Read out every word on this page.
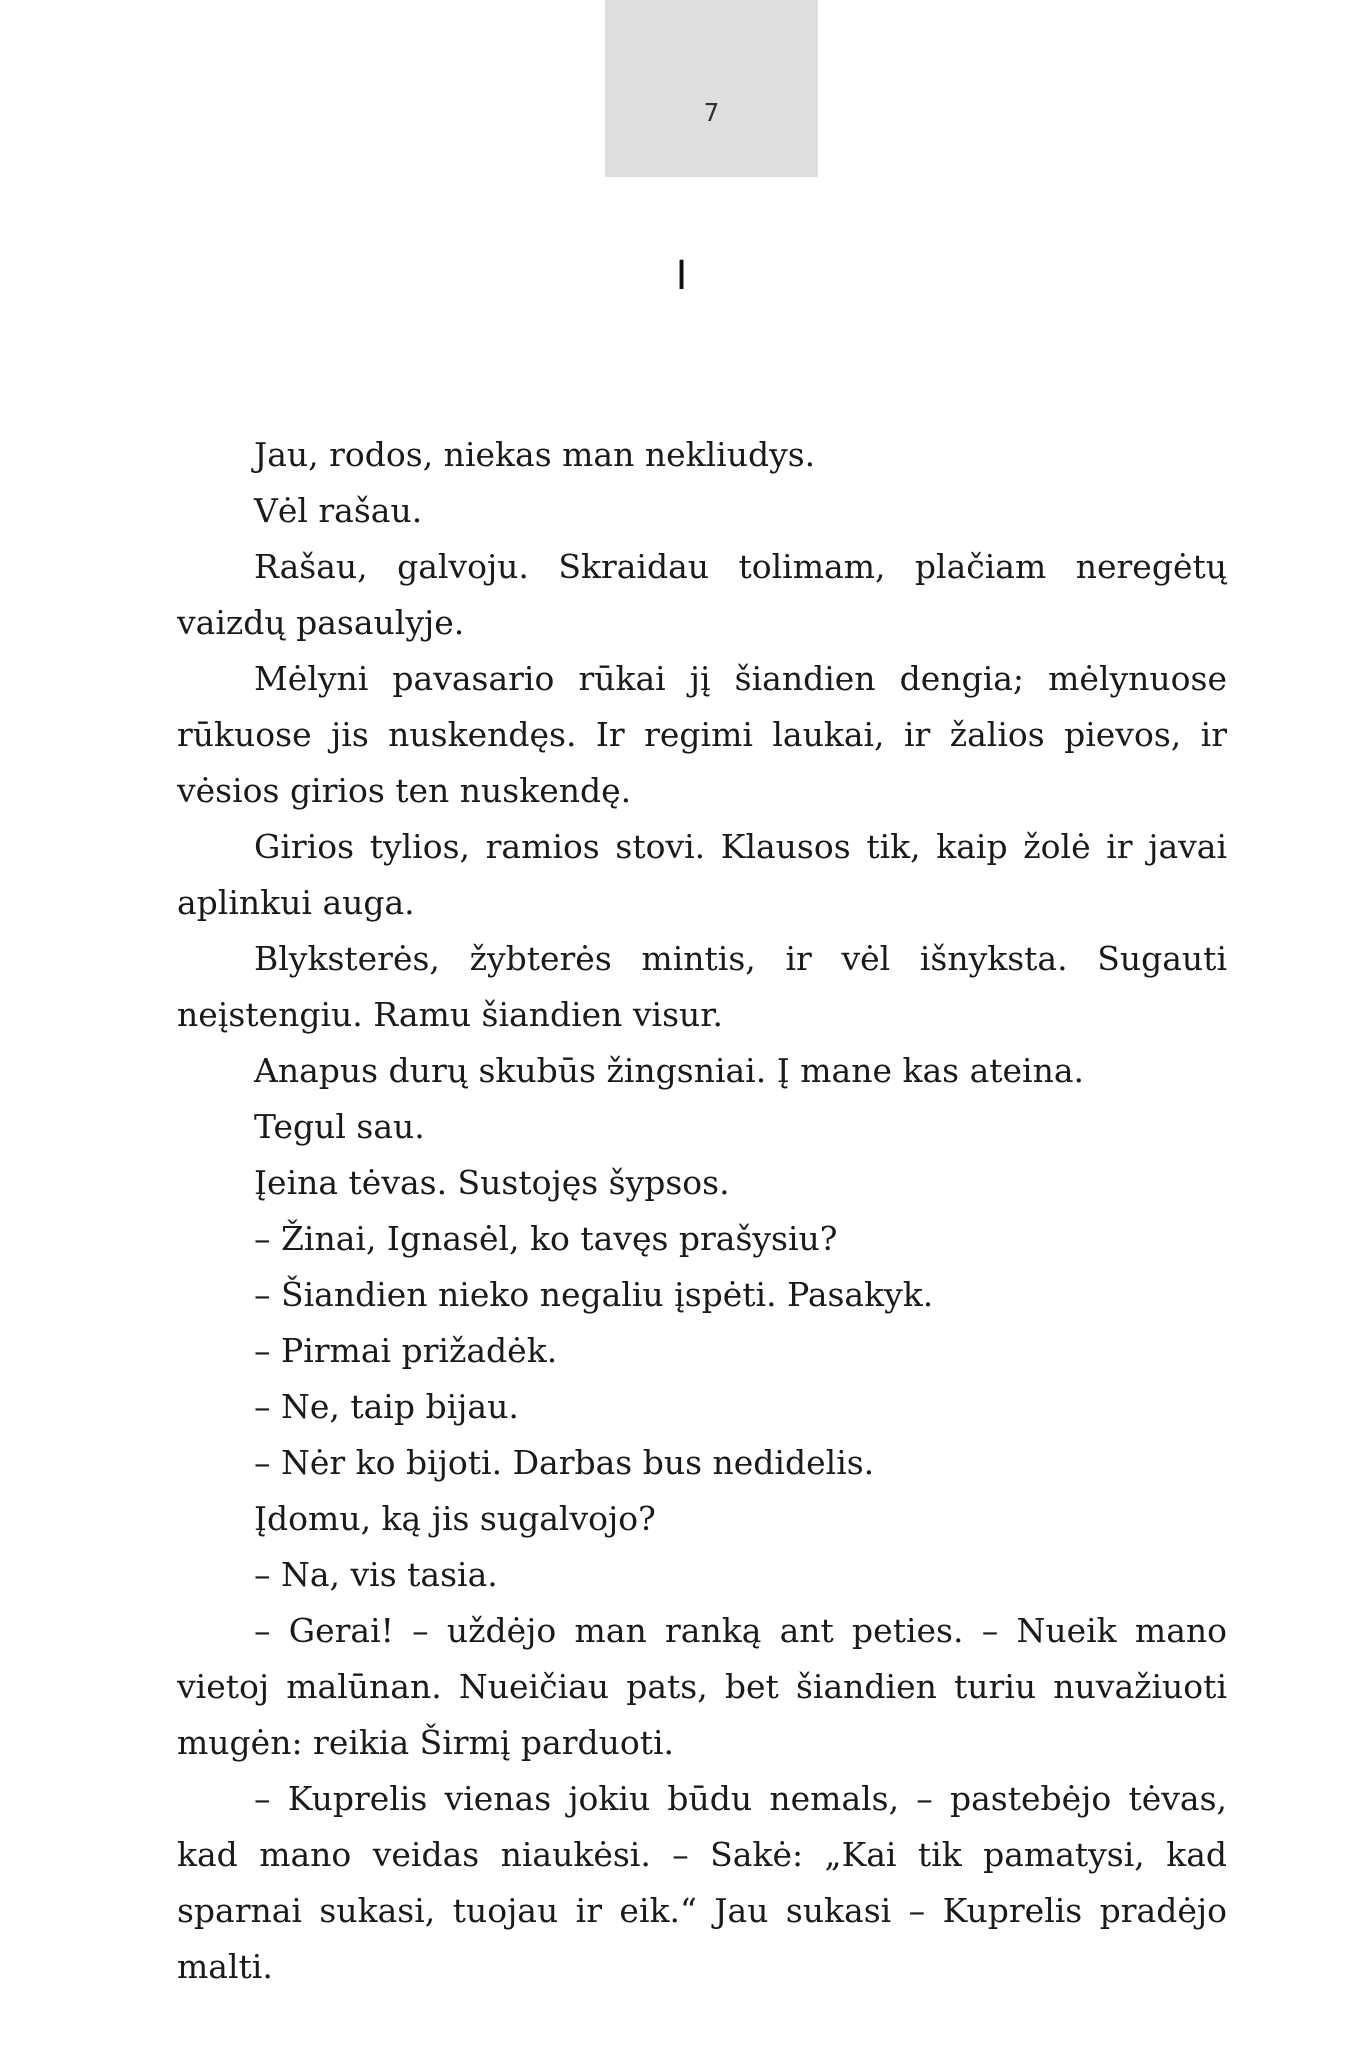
7
I

Jau, rodos, niekas man nekliudys.

Vėl rašau.

Rašau, galvoju. Skraidau tolimam, plačiam neregėtų vaizdų pasaulyje.

Mėlyni pavasario rūkai jį šiandien dengia; mėlynuose rūkuose jis nuskendęs. Ir regimi laukai, ir žalios pievos, ir vėsios girios ten nuskendę.

Girios tylios, ramios stovi. Klausos tik, kaip žolė ir javai aplinkui auga.

Blyksterės, žybterės mintis, ir vėl išnyksta. Sugauti neįstengiu. Ramu šiandien visur.

Anapus durų skubūs žingsniai. Į mane kas ateina.

Tegul sau.

Įeina tėvas. Sustojęs šypsos.

– Žinai, Ignasėl, ko tavęs prašysiu?

– Šiandien nieko negaliu įspėti. Pasakyk.

– Pirmai prižadėk.

– Ne, taip bijau.

– Nėr ko bijoti. Darbas bus nedidelis.

Įdomu, ką jis sugalvojo?

– Na, vis tasia.

– Gerai! – uždėjo man ranką ant peties. – Nueik mano vietoj malūnan. Nueičiau pats, bet šiandien turiu nuvažiuoti mugėn: reikia Širmį parduoti.

– Kuprelis vienas jokiu būdu nemals, – pastebėjo tėvas, kad mano veidas niaukėsi. – Sakė: „Kai tik pamatysi, kad sparnai sukasi, tuojau ir eik.“ Jau sukasi – Kuprelis pradėjo malti.
